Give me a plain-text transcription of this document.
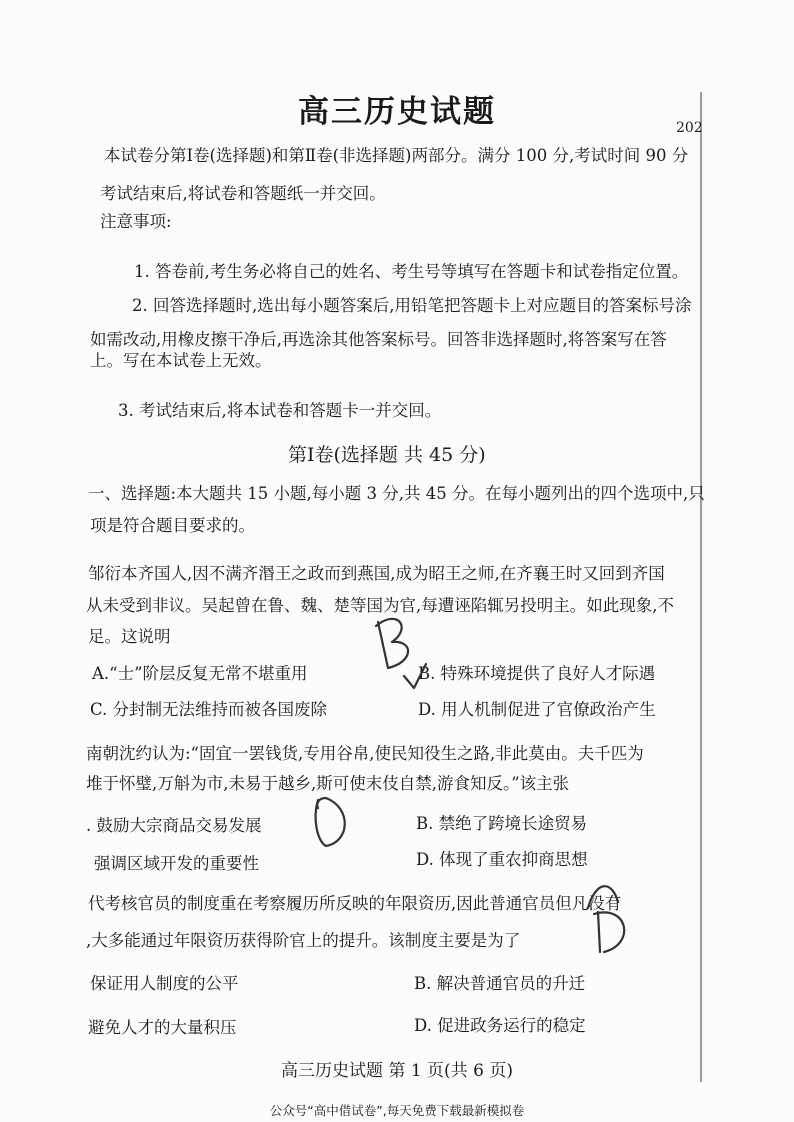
高三历史试题	202
本试卷分第Ⅰ卷(选择题)和第Ⅱ卷(非选择题)两部分。满分 100 分,考试时间 90 分
考试结束后,将试卷和答题纸一并交回。
注意事项:
1. 答卷前,考生务必将自己的姓名、考生号等填写在答题卡和试卷指定位置。
2. 回答选择题时,选出每小题答案后,用铅笔把答题卡上对应题目的答案标号涂
如需改动,用橡皮擦干净后,再选涂其他答案标号。回答非选择题时,将答案写在答
上。写在本试卷上无效。
3. 考试结束后,将本试卷和答题卡一并交回。
第Ⅰ卷(选择题 共 45 分)
一、选择题:本大题共 15 小题,每小题 3 分,共 45 分。在每小题列出的四个选项中,只
项是符合题目要求的。
邹衍本齐国人,因不满齐湣王之政而到燕国,成为昭王之师,在齐襄王时又回到齐国
从未受到非议。吴起曾在鲁、魏、楚等国为官,每遭诬陷辄另投明主。如此现象,不
足。这说明
A.“士”阶层反复无常不堪重用	B. 特殊环境提供了良好人才际遇
C. 分封制无法维持而被各国废除	D. 用人机制促进了官僚政治产生
南朝沈约认为:“固宜一罢钱货,专用谷帛,使民知役生之路,非此莫由。夫千匹为
堆于怀璧,万斛为市,未易于越乡,斯可使末伎自禁,游食知反。”该主张
. 鼓励大宗商品交易发展	B. 禁绝了跨境长途贸易
强调区域开发的重要性	D. 体现了重农抑商思想
代考核官员的制度重在考察履历所反映的年限资历,因此普通官员但凡没有
,大多能通过年限资历获得阶官上的提升。该制度主要是为了
保证用人制度的公平	B. 解决普通官员的升迁
避免人才的大量积压	D. 促进政务运行的稳定
高三历史试题 第 1 页(共 6 页)
公众号“高中借试卷”,每天免费下载最新模拟卷
